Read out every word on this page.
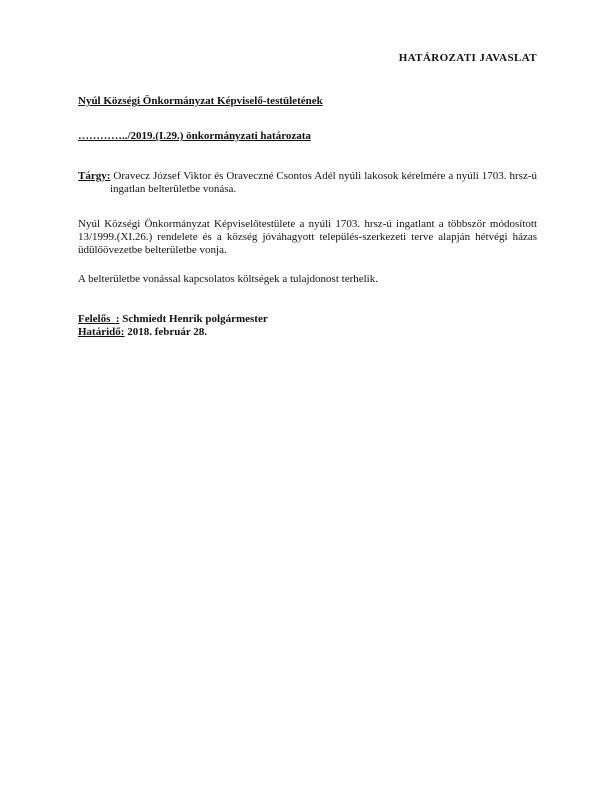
HATÁROZATI JAVASLAT
Nyúl Községi Önkormányzat Képviselő-testületének
…………../2019.(I.29.) önkormányzati határozata
Tárgy: Oravecz József Viktor és Oraveczné Csontos Adél nyúli lakosok kérelmére a nyúli 1703. hrsz-ú ingatlan belterületbe vonása.
Nyúl Községi Önkormányzat Képviselőtestülete a nyúli 1703. hrsz-ú ingatlant a többször módosított 13/1999.(XI.26.) rendelete és a község jóváhagyott település-szerkezeti terve alapján hétvégi házas üdülőövezetbe belterületbe vonja.
A belterületbe vonással kapcsolatos költségek a tulajdonost terhelik.
Felelős  : Schmiedt Henrik polgármester
Határidő: 2018. február 28.
